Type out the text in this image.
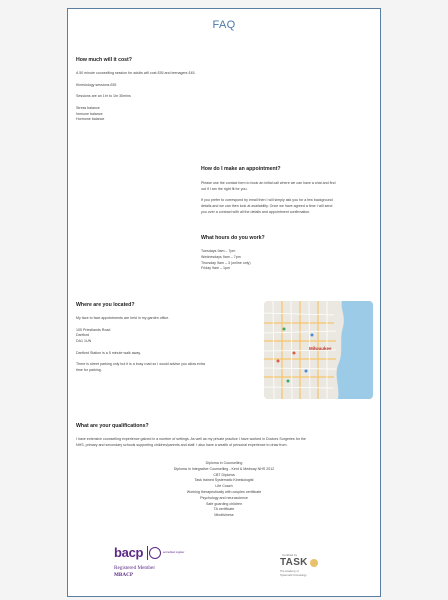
FAQ
How much will it cost?
A 50 minute counselling session for adults will cost £55 and teenagers £45.
Kinesiology sessions £55
Sessions are an 1hr to 1hr 30mins
Stress balance
Immune balance
Hormone balance
How do I make an appointment?
Please use the contact form to book an initial call where we can have a chat and find
out if I am the right fit for you.
If you prefer to correspond by email then I will simply ask you for a few background
details and we can then look at availability. Once we have agreed a time I will send
you over a contract with all the details and appointment confirmation.
What hours do you work?
Tuesdays 9am – 7pm
Wednesdays 9am – 7pm
Thursday 9am – 3 (online only)
Friday 9am – 1pm
Where are you located?
My face to face appointments are held in my garden office.
105 Priestlands Road
Dartford
DA1 1UN
Dartford Station is a 5 minute walk away.
There is street parking only but it is a busy road so I would advise you allow extra
time for parking.
Milwaukee
What are your qualifications?
I have extensive counselling experience gained in a number of settings. As well as my private practice I have worked in Doctors Surgeries for the
NHS, primary and secondary schools supporting children/parents and staff. I also have a wealth of personal experience to draw from.
Diploma in Counselling
Diploma in Integrative Counselling - Kent & Medway NHS 2012
CBT Diploma
Task trained Systematic Kinesiologist
Life Coach
Working therapeutically with couples certificate
Psychology and neuroscience
Safe guarding children
TA certificate
Mindfulness
bacp	accredited register
Registered Member
MBACP
Certified by
TASK
The Academy of
Systematic Kinesiology
